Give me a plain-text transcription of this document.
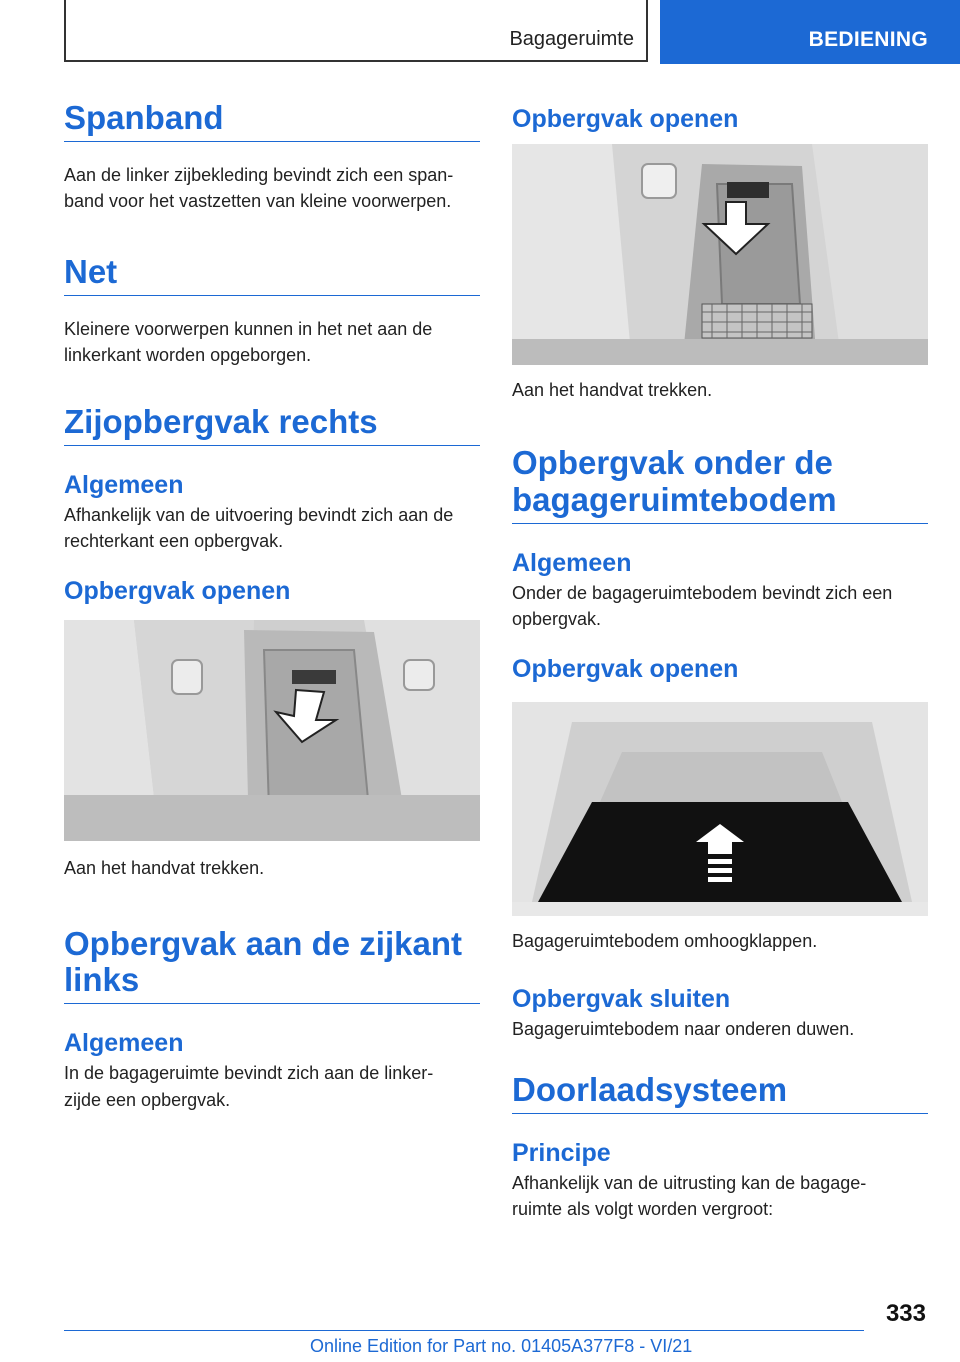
Bagageruimte	BEDIENING
Spanband

Aan de linker zijbekleding bevindt zich een span-
band voor het vastzetten van kleine voorwerpen.

Net

Kleinere voorwerpen kunnen in het net aan de
linkerkant worden opgeborgen.

Zijopbergvak rechts
Algemeen

Afhankelijk van de uitvoering bevindt zich aan de
rechterkant een opbergvak.

Opbergvak openen

Aan het handvat trekken.

Opbergvak aan de zijkant
links
Algemeen

In de bagageruimte bevindt zich aan de linker-
zijde een opbergvak.

Opbergvak openen

Aan het handvat trekken.

Opbergvak onder de
bagageruimtebodem
Algemeen

Onder de bagageruimtebodem bevindt zich een
opbergvak.

Opbergvak openen

Bagageruimtebodem omhoogklappen.

Opbergvak sluiten

Bagageruimtebodem naar onderen duwen.

Doorlaadsysteem
Principe

Afhankelijk van de uitrusting kan de bagage-
ruimte als volgt worden vergroot:

333
Online Edition for Part no. 01405A377F8 - VI/21
